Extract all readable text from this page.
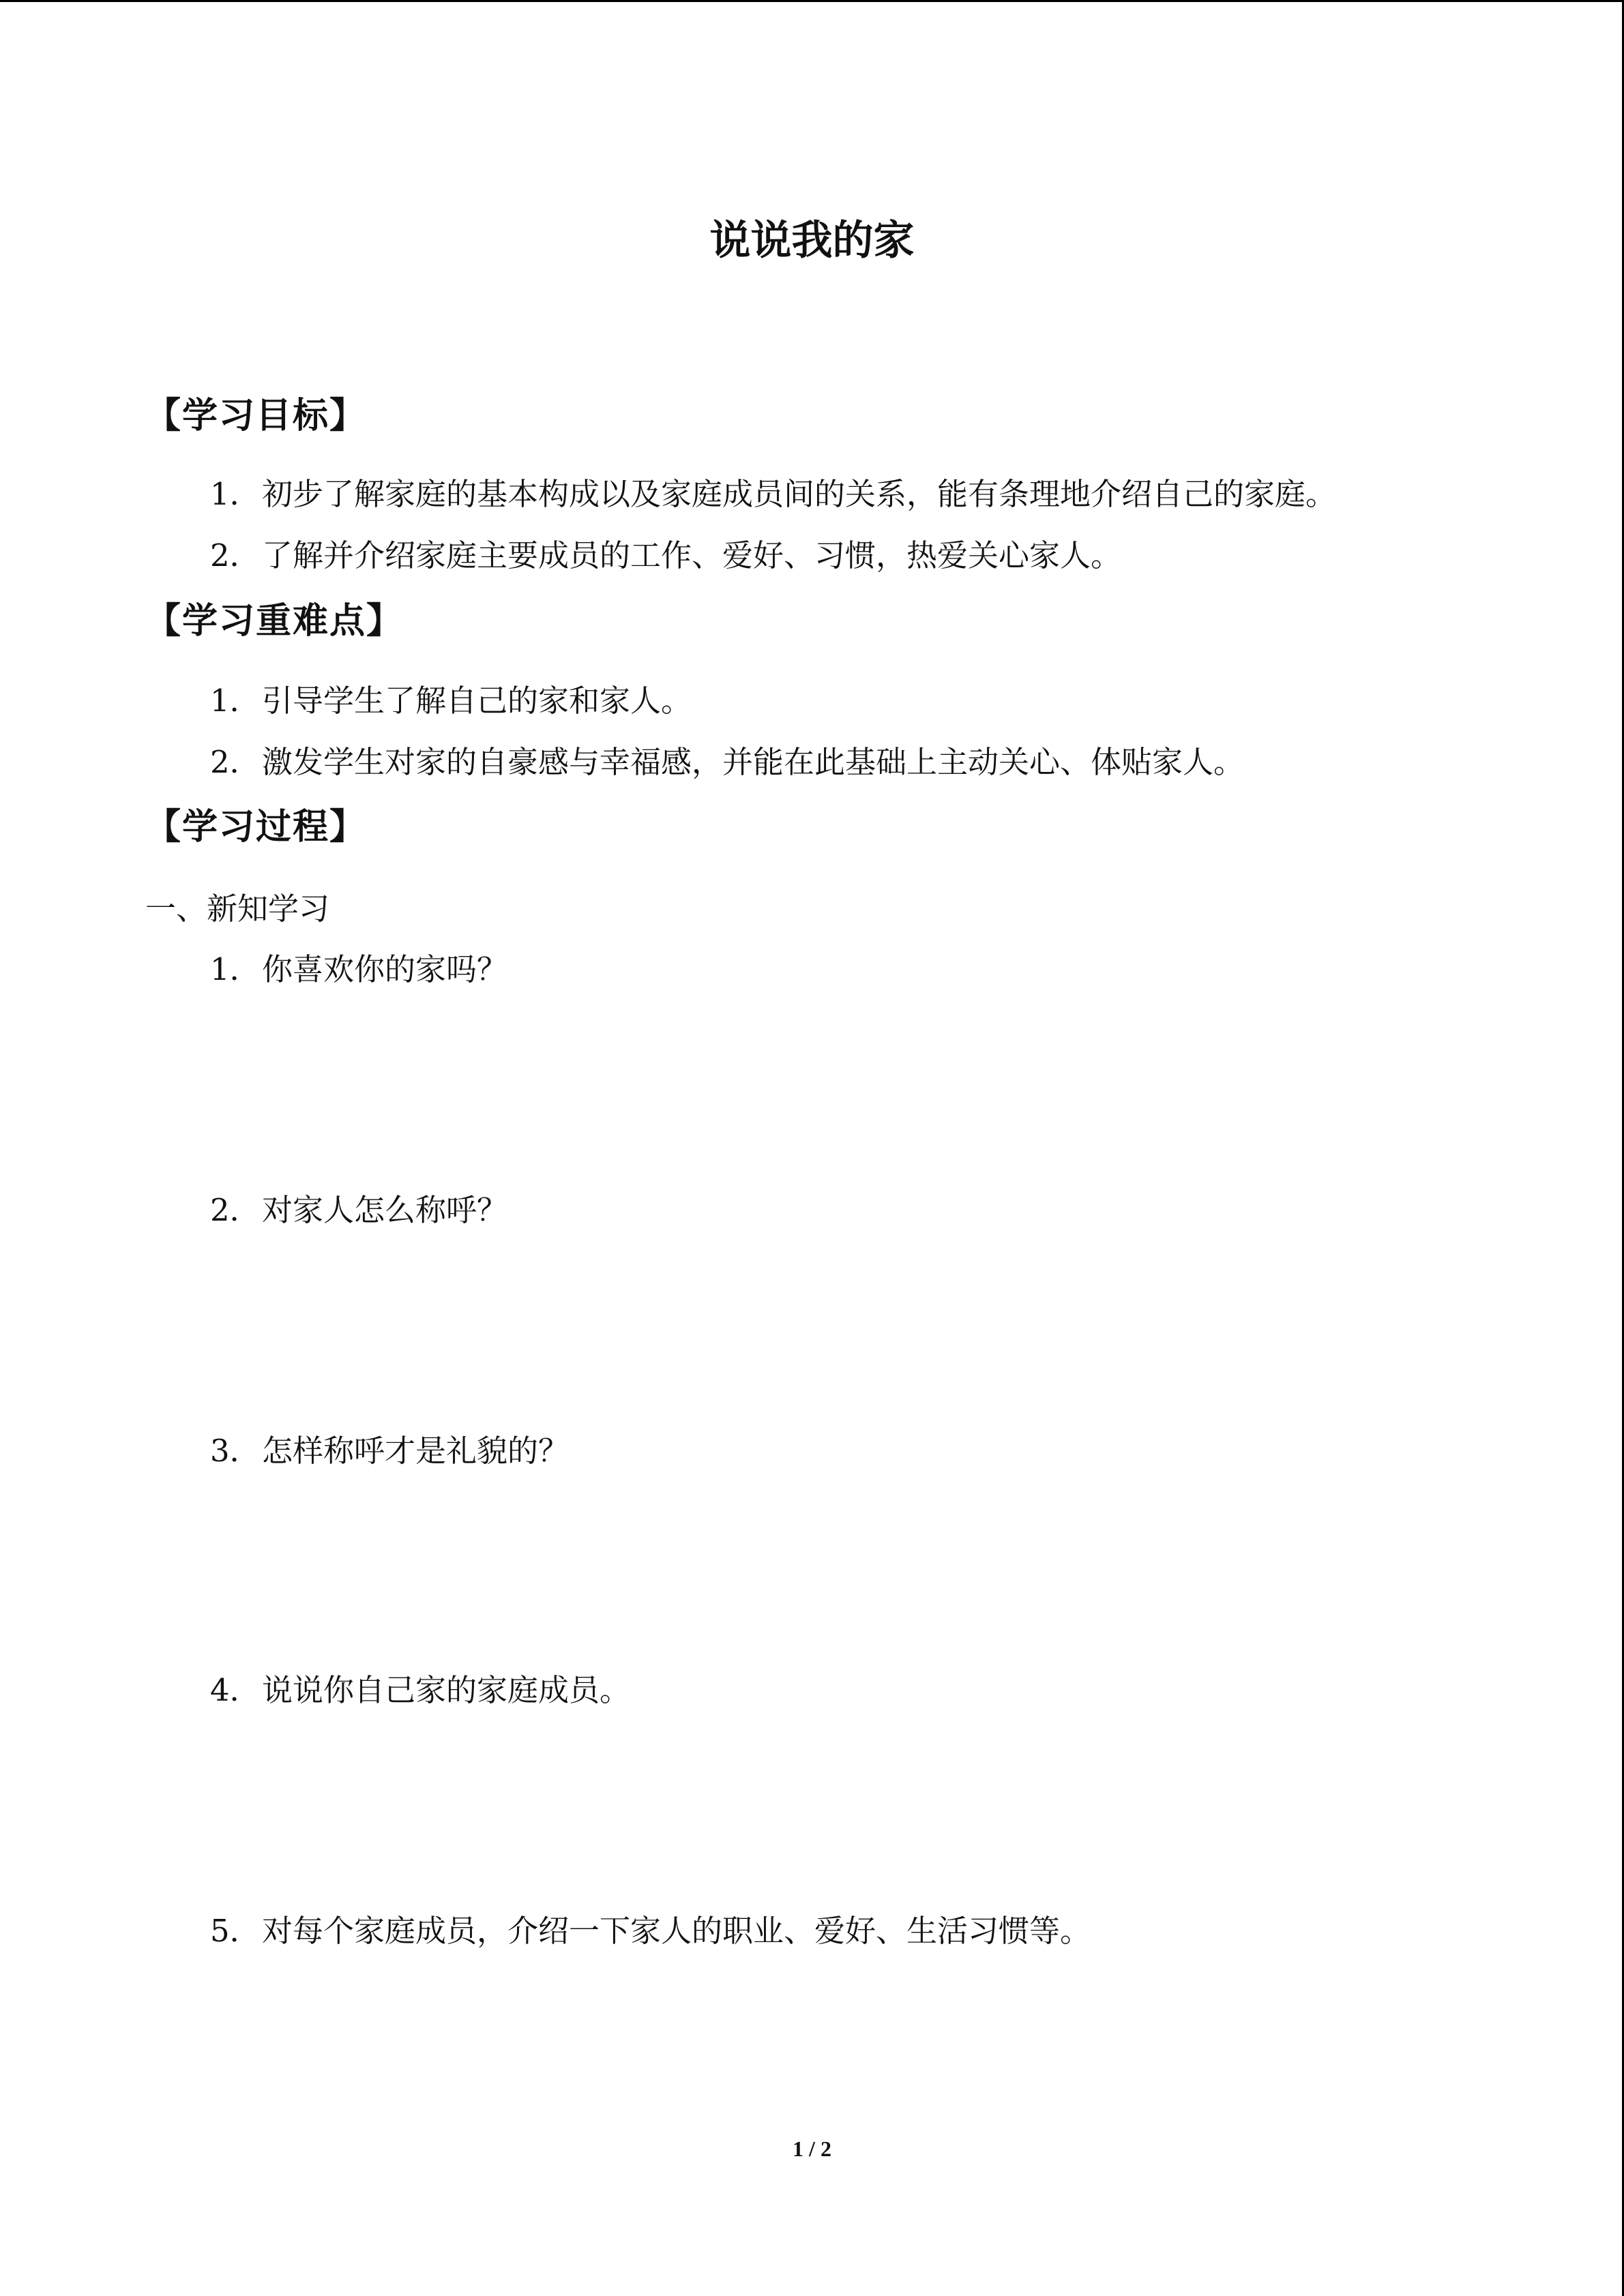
说说我的家
【学习目标】
1．初步了解家庭的基本构成以及家庭成员间的关系，能有条理地介绍自己的家庭。
2．了解并介绍家庭主要成员的工作、爱好、习惯，热爱关心家人。
【学习重难点】
1．引导学生了解自己的家和家人。
2．激发学生对家的自豪感与幸福感，并能在此基础上主动关心、体贴家人。
【学习过程】
一、新知学习
1．你喜欢你的家吗？
2．对家人怎么称呼？
3．怎样称呼才是礼貌的？
4．说说你自己家的家庭成员。
5．对每个家庭成员，介绍一下家人的职业、爱好、生活习惯等。
1 / 2
